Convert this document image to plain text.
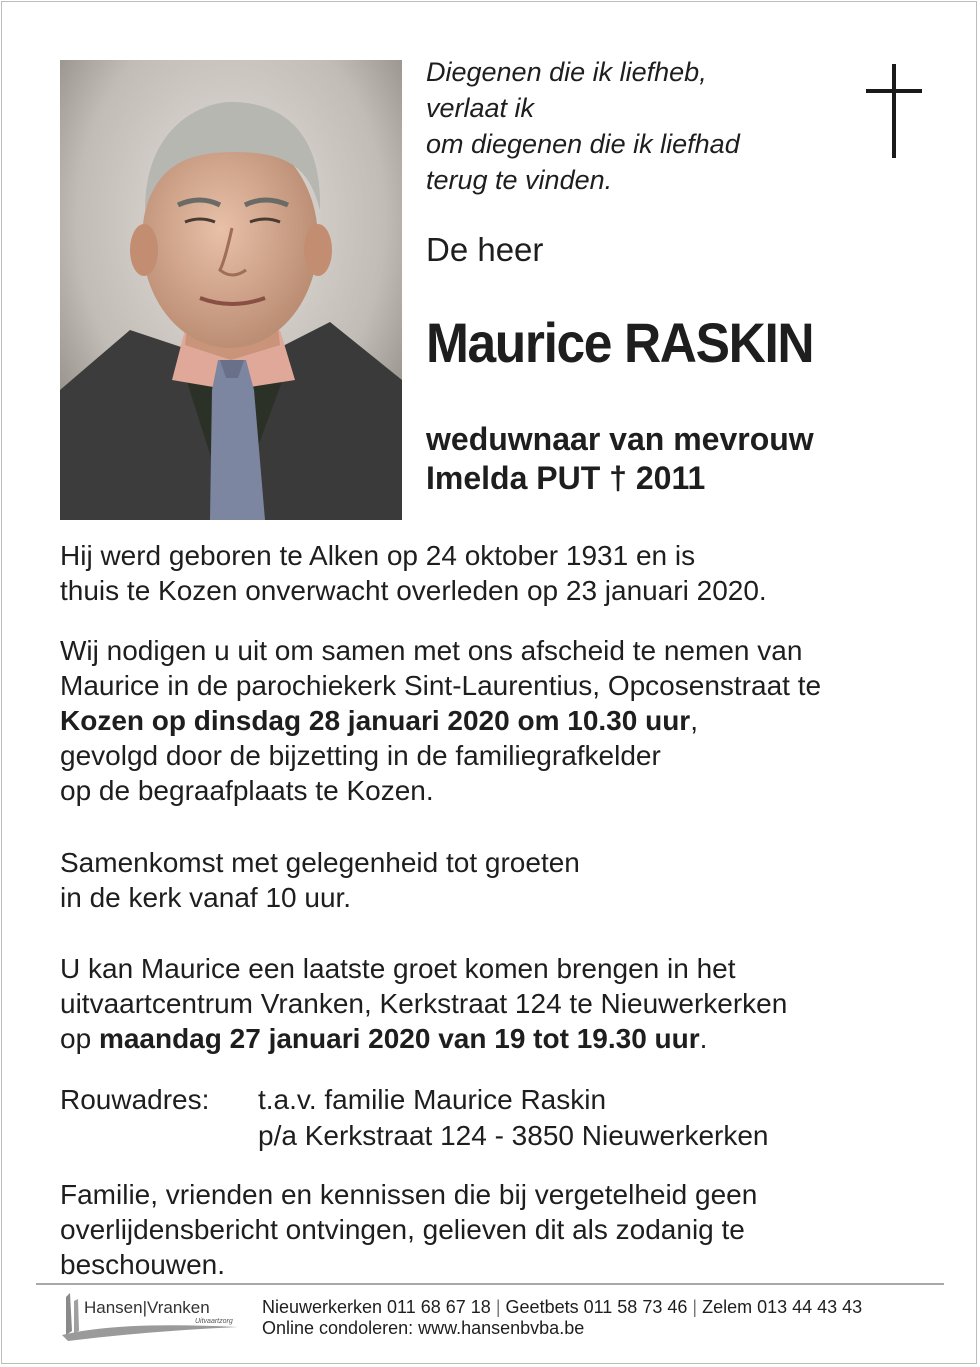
Diegenen die ik liefheb,
verlaat ik
om diegenen die ik liefhad
terug te vinden.
De heer
Maurice RASKIN
weduwnaar van mevrouw
Imelda PUT † 2011
Hij werd geboren te Alken op 24 oktober 1931 en is
thuis te Kozen onverwacht overleden op 23 januari 2020.
Wij nodigen u uit om samen met ons afscheid te nemen van
Maurice in de parochiekerk Sint-Laurentius, Opcosenstraat te
Kozen op dinsdag 28 januari 2020 om 10.30 uur,
gevolgd door de bijzetting in de familiegrafkelder
op de begraafplaats te Kozen.
Samenkomst met gelegenheid tot groeten
in de kerk vanaf 10 uur.
U kan Maurice een laatste groet komen brengen in het
uitvaartcentrum Vranken, Kerkstraat 124 te Nieuwerkerken
op maandag 27 januari 2020 van 19 tot 19.30 uur.
Rouwadres: t.a.v. familie Maurice Raskin
p/a Kerkstraat 124 - 3850 Nieuwerkerken
Familie, vrienden en kennissen die bij vergetelheid geen
overlijdensbericht ontvingen, gelieven dit als zodanig te
beschouwen.
Hansen|Vranken
Uitvaartzorg
Nieuwerkerken 011 68 67 18 | Geetbets 011 58 73 46 | Zelem 013 44 43 43
Online condoleren: www.hansenbvba.be
